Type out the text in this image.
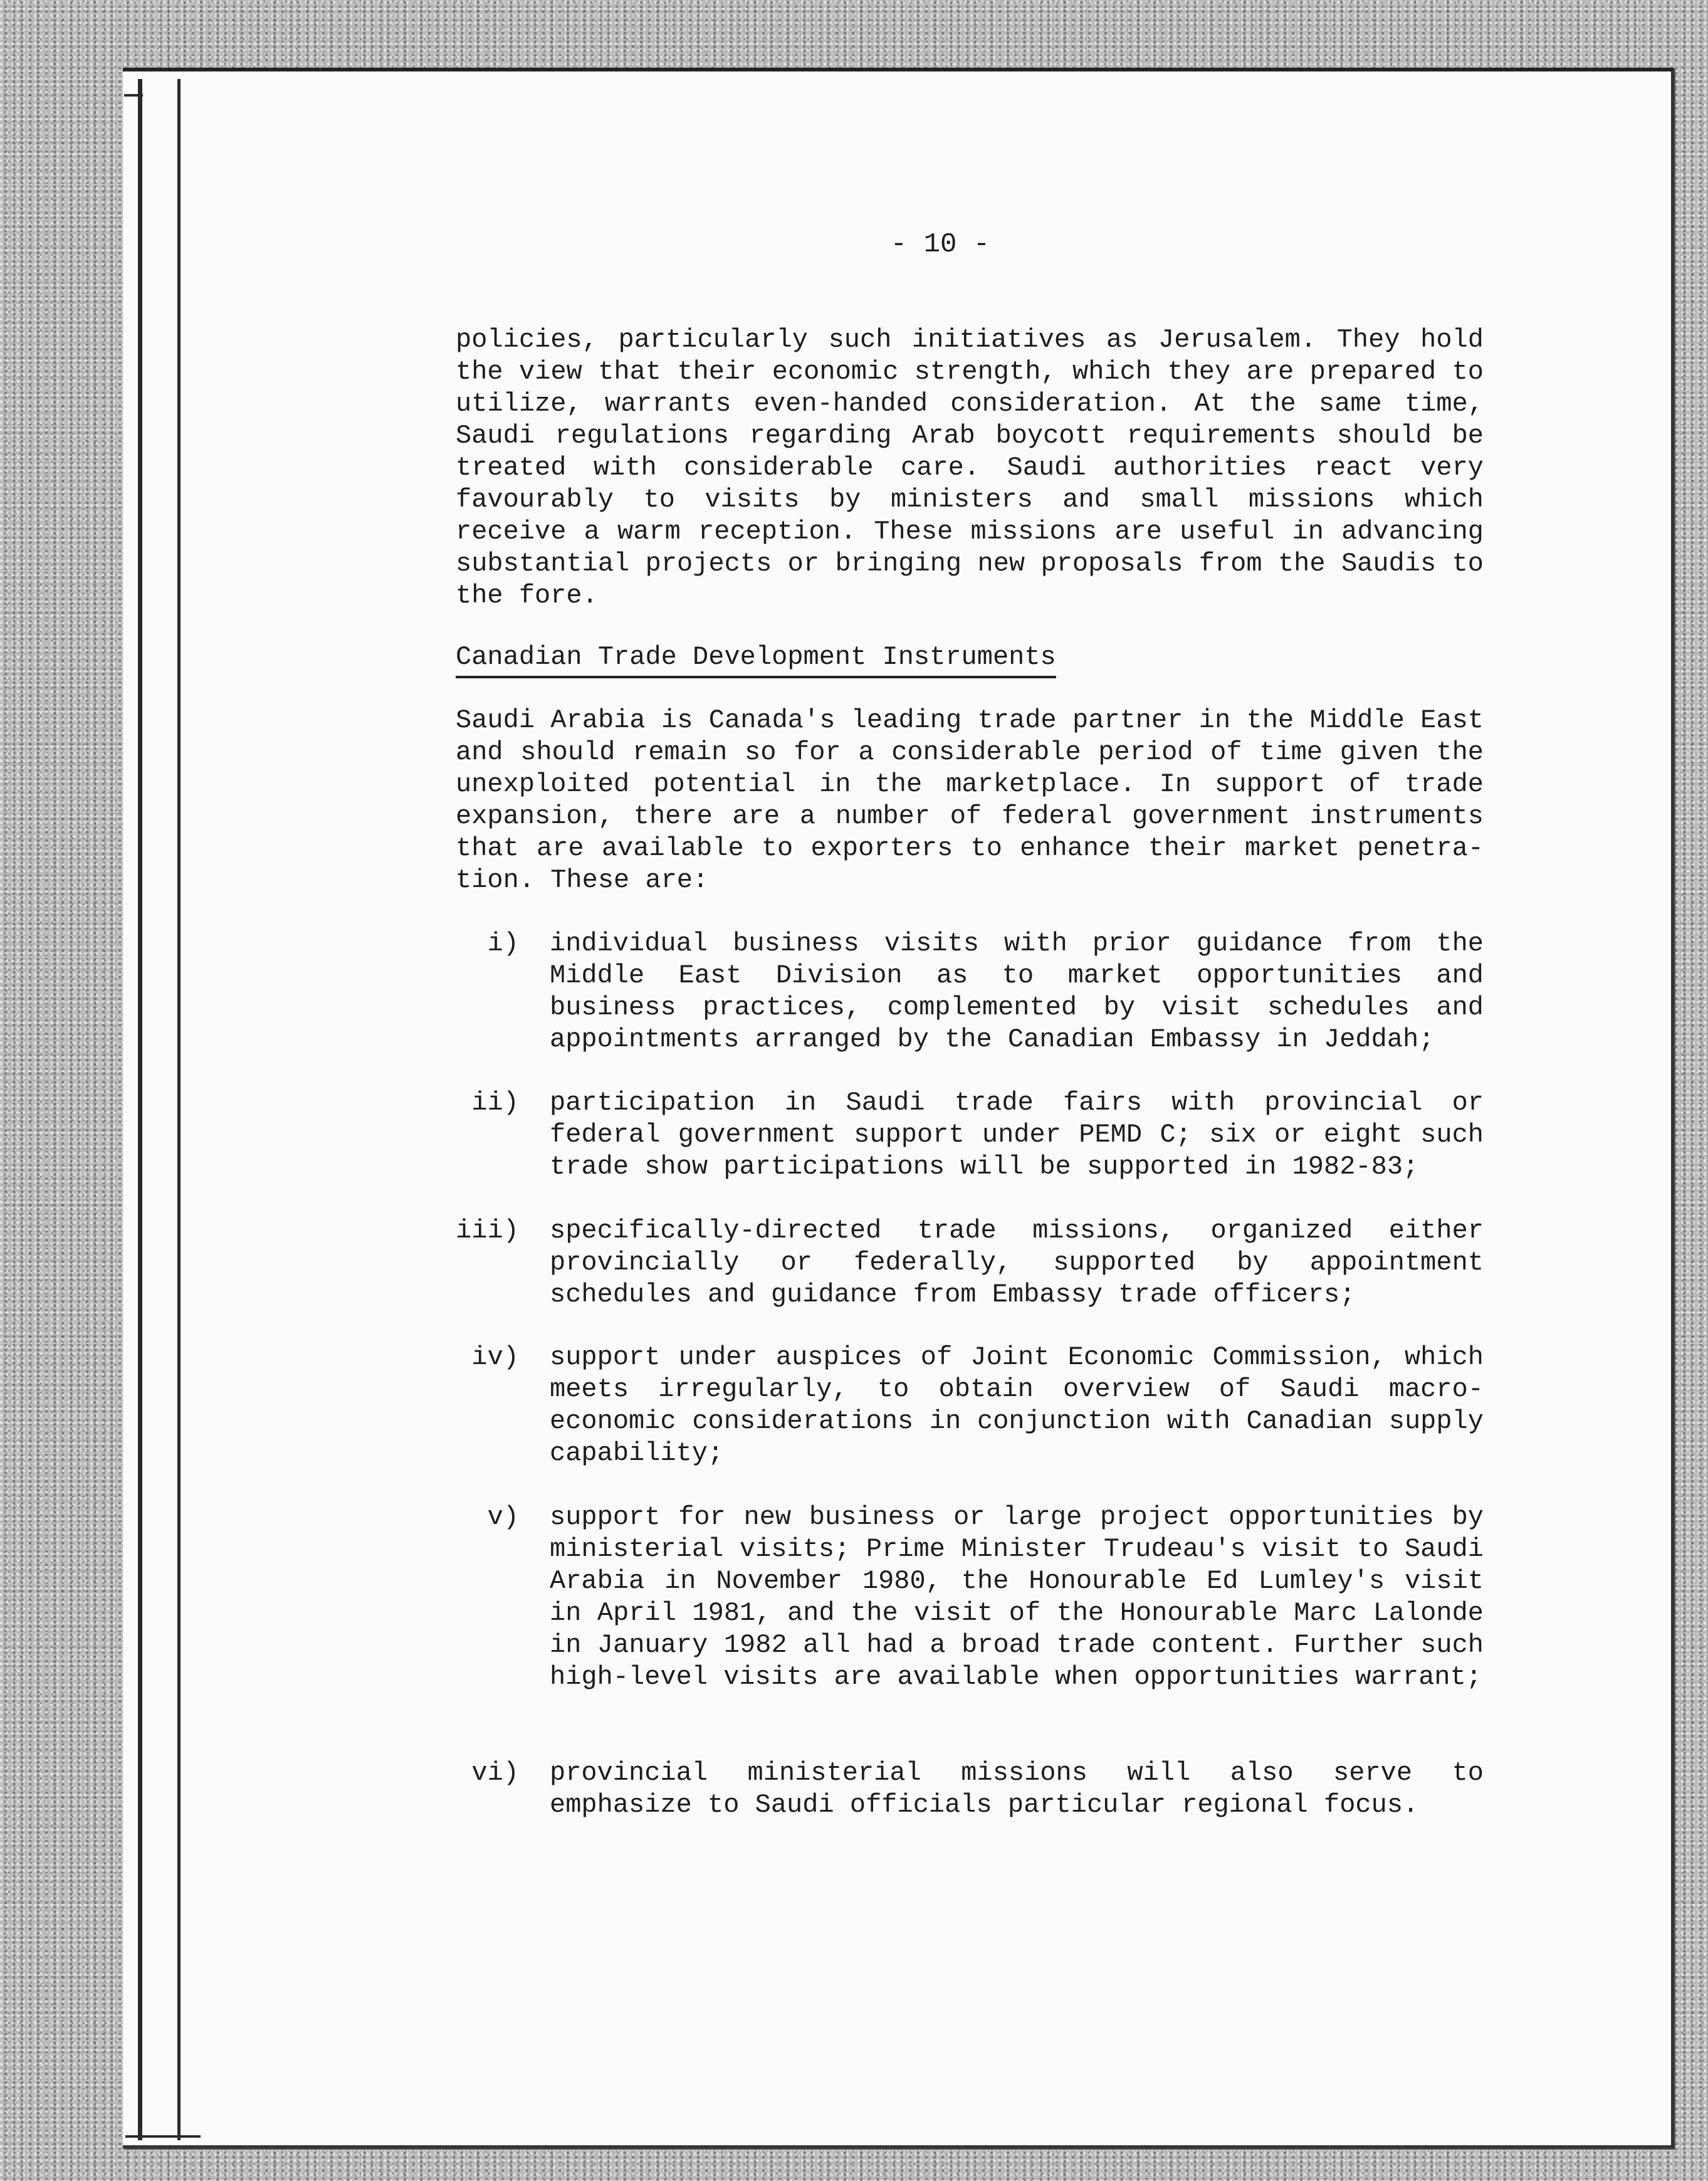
- 10 -

policies, particularly such initiatives as Jerusalem. They hold the view that their economic strength, which they are prepared to utilize, warrants even-handed consideration. At the same time, Saudi regulations regarding Arab boycott requirements should be treated with considerable care. Saudi authorities react very favourably to visits by ministers and small missions which receive a warm reception. These missions are useful in advancing substantial projects or bringing new proposals from the Saudis to the fore.

Canadian Trade Development Instruments

Saudi Arabia is Canada's leading trade partner in the Middle East and should remain so for a considerable period of time given the unexploited potential in the marketplace. In support of trade expansion, there are a number of federal government instruments that are available to exporters to enhance their market penetra- tion. These are:

i) individual business visits with prior guidance from the Middle East Division as to market opportunities and business practices, complemented by visit schedules and appointments arranged by the Canadian Embassy in Jeddah;
ii) participation in Saudi trade fairs with provincial or federal government support under PEMD C; six or eight such trade show participations will be supported in 1982-83;
iii) specifically-directed trade missions, organized either provincially or federally, supported by appointment schedules and guidance from Embassy trade officers;
iv) support under auspices of Joint Economic Commission, which meets irregularly, to obtain overview of Saudi macro- economic considerations in conjunction with Canadian supply capability;
v) support for new business or large project opportunities by ministerial visits; Prime Minister Trudeau's visit to Saudi Arabia in November 1980, the Honourable Ed Lumley's visit in April 1981, and the visit of the Honourable Marc Lalonde in January 1982 all had a broad trade content. Further such high-level visits are available when opportunities warrant;
vi) provincial ministerial missions will also serve to emphasize to Saudi officials particular regional focus.
